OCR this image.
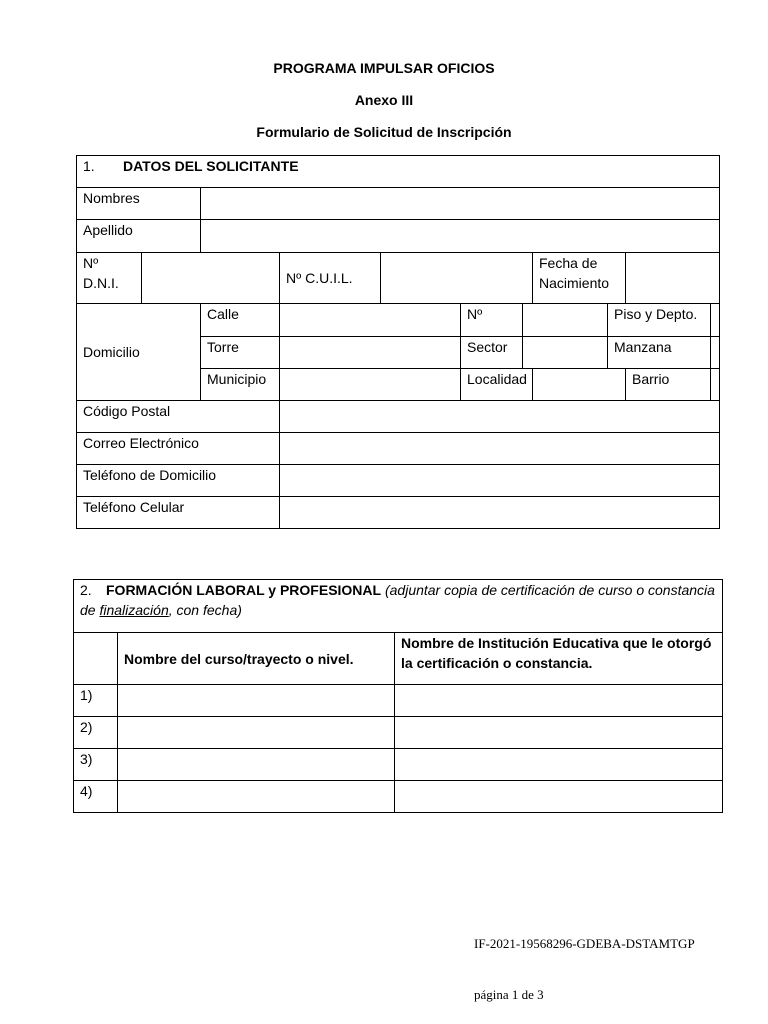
PROGRAMA IMPULSAR OFICIOS
Anexo III
Formulario de Solicitud de Inscripción
1. DATOS DEL SOLICITANTE										
Nombres										
Apellido										
Nº
D.N.I.			Nº C.U.I.L.				Fecha de
Nacimiento			
Domicilio		Calle			Nº			Piso y Depto.		
		Torre			Sector			Manzana		
		Municipio			Localidad				Barrio	
Código Postal										
Correo Electrónico										
Teléfono de Domicilio										
Teléfono Celular										
2. FORMACIÓN LABORAL y PROFESIONAL (adjuntar copia de certificación de curso o constancia de finalización, con fecha)		
	Nombre del curso/trayecto o nivel.	Nombre de Institución Educativa que le otorgó la certificación o constancia.
1)		
2)		
3)		
4)		
IF-2021-19568296-GDEBA-DSTAMTGP
página 1 de 3
